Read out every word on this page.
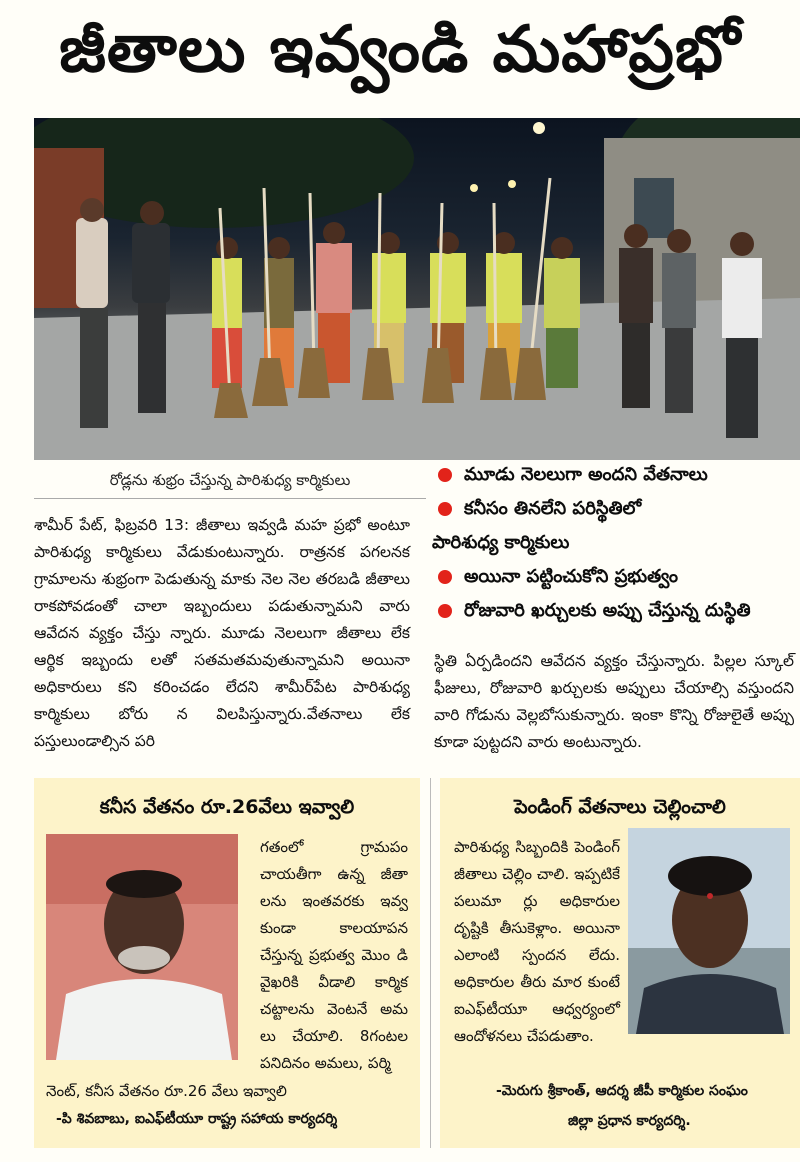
జీతాలు ఇవ్వండి మహాప్రభో
రోడ్లను శుభ్రం చేస్తున్న పారిశుధ్య కార్మికులు	మూడు నెలలుగా అందని వేతనాలు
కనీసం తినలేని పరిస్థితిలో
పారిశుధ్య కార్మికులు
అయినా పట్టించుకోని ప్రభుత్వం
రోజువారి ఖర్చులకు అప్పు చేస్తున్న దుస్థితి
శామీర్ పేట్, ఫిబ్రవరి 13: జీతాలు ఇవ్వడి మహ ప్రభో అంటూ పారిశుధ్య కార్మికులు వేడుకుంటున్నారు. రాత్రనక పగలనక గ్రామాలను శుభ్రంగా పెడుతున్న మాకు నెల నెల తరబడి జీతాలు రాకపోవడంతో చాలా ఇబ్బందులు పడుతున్నామని వారు ఆవేదన వ్యక్తం చేస్తు న్నారు. మూడు నెలలుగా జీతాలు లేక ఆర్థిక ఇబ్బందు లతో సతమతమవుతున్నామని అయినా అధికారులు కని కరించడం లేదని శామీర్‌పేట పారిశుధ్య కార్మికులు బోరు న విలపిస్తున్నారు.వేతనాలు లేక పస్తులుండాల్సిన పరి
స్థితి ఏర్పడిందని ఆవేదన వ్యక్తం చేస్తున్నారు. పిల్లల స్కూల్ ఫీజులు, రోజువారి ఖర్చులకు అప్పులు చేయాల్సి వస్తుందని వారి గోడును వెల్లబోసుకున్నారు. ఇంకా కొన్ని రోజులైతే అప్పు కూడా పుట్టదని వారు అంటున్నారు.
కనీస వేతనం రూ.26వేలు ఇవ్వాలి
గతంలో గ్రామపం చాయతీగా ఉన్న జీతా లను ఇంతవరకు ఇవ్వ కుండా కాలయాపన చేస్తున్న ప్రభుత్వ మొం డి వైఖరికి వీడాలి కార్మిక చట్టాలను వెంటనే అమ లు చేయాలి. 8గంటల పనిదినం అమలు, పర్మి
నెంట్, కనీస వేతనం రూ.26 వేలు ఇవ్వాలి
-పి శివబాబు, ఐఎఫ్‌టీయూ రాష్ట్ర సహాయ కార్యదర్శి
పెండింగ్ వేతనాలు చెల్లించాలి
పారిశుధ్య సిబ్బందికి పెండింగ్ జీతాలు చెల్లిం చాలి. ఇప్పటికే పలుమా ర్లు అధికారుల దృష్టికి తీసుకెళ్లాం. అయినా ఎలాంటి స్పందన లేదు. అధికారుల తీరు మార కుంటే ఐఎఫ్‌టీయూ ఆధ్వర్యంలో ఆందోళనలు చేపడుతాం.
-మెరుగు శ్రీకాంత్, ఆదర్శ జీపీ కార్మికుల సంఘం
జిల్లా ప్రధాన కార్యదర్శి.
